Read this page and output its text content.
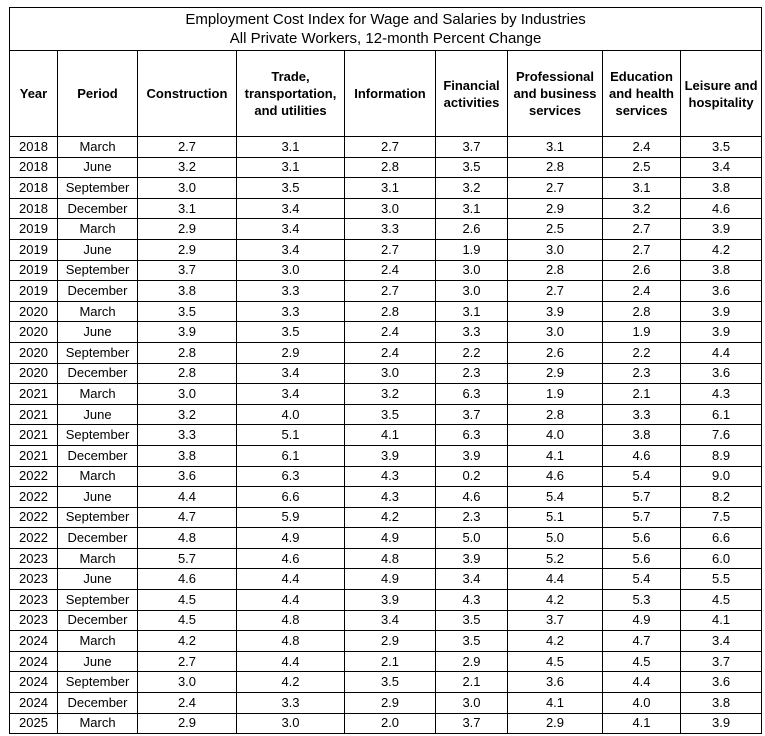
Employment Cost Index for Wage and Salaries by Industries
All Private Workers, 12-month Percent Change								

Year	Period	Construction	Trade, transportation, and utilities	Information	Financial activities	Professional and business services	Education and health services	Leisure and hospitality
2018	March	2.7	3.1	2.7	3.7	3.1	2.4	3.5
2018	June	3.2	3.1	2.8	3.5	2.8	2.5	3.4
2018	September	3.0	3.5	3.1	3.2	2.7	3.1	3.8
2018	December	3.1	3.4	3.0	3.1	2.9	3.2	4.6
2019	March	2.9	3.4	3.3	2.6	2.5	2.7	3.9
2019	June	2.9	3.4	2.7	1.9	3.0	2.7	4.2
2019	September	3.7	3.0	2.4	3.0	2.8	2.6	3.8
2019	December	3.8	3.3	2.7	3.0	2.7	2.4	3.6
2020	March	3.5	3.3	2.8	3.1	3.9	2.8	3.9
2020	June	3.9	3.5	2.4	3.3	3.0	1.9	3.9
2020	September	2.8	2.9	2.4	2.2	2.6	2.2	4.4
2020	December	2.8	3.4	3.0	2.3	2.9	2.3	3.6
2021	March	3.0	3.4	3.2	6.3	1.9	2.1	4.3
2021	June	3.2	4.0	3.5	3.7	2.8	3.3	6.1
2021	September	3.3	5.1	4.1	6.3	4.0	3.8	7.6
2021	December	3.8	6.1	3.9	3.9	4.1	4.6	8.9
2022	March	3.6	6.3	4.3	0.2	4.6	5.4	9.0
2022	June	4.4	6.6	4.3	4.6	5.4	5.7	8.2
2022	September	4.7	5.9	4.2	2.3	5.1	5.7	7.5
2022	December	4.8	4.9	4.9	5.0	5.0	5.6	6.6
2023	March	5.7	4.6	4.8	3.9	5.2	5.6	6.0
2023	June	4.6	4.4	4.9	3.4	4.4	5.4	5.5
2023	September	4.5	4.4	3.9	4.3	4.2	5.3	4.5
2023	December	4.5	4.8	3.4	3.5	3.7	4.9	4.1
2024	March	4.2	4.8	2.9	3.5	4.2	4.7	3.4
2024	June	2.7	4.4	2.1	2.9	4.5	4.5	3.7
2024	September	3.0	4.2	3.5	2.1	3.6	4.4	3.6
2024	December	2.4	3.3	2.9	3.0	4.1	4.0	3.8
2025	March	2.9	3.0	2.0	3.7	2.9	4.1	3.9
